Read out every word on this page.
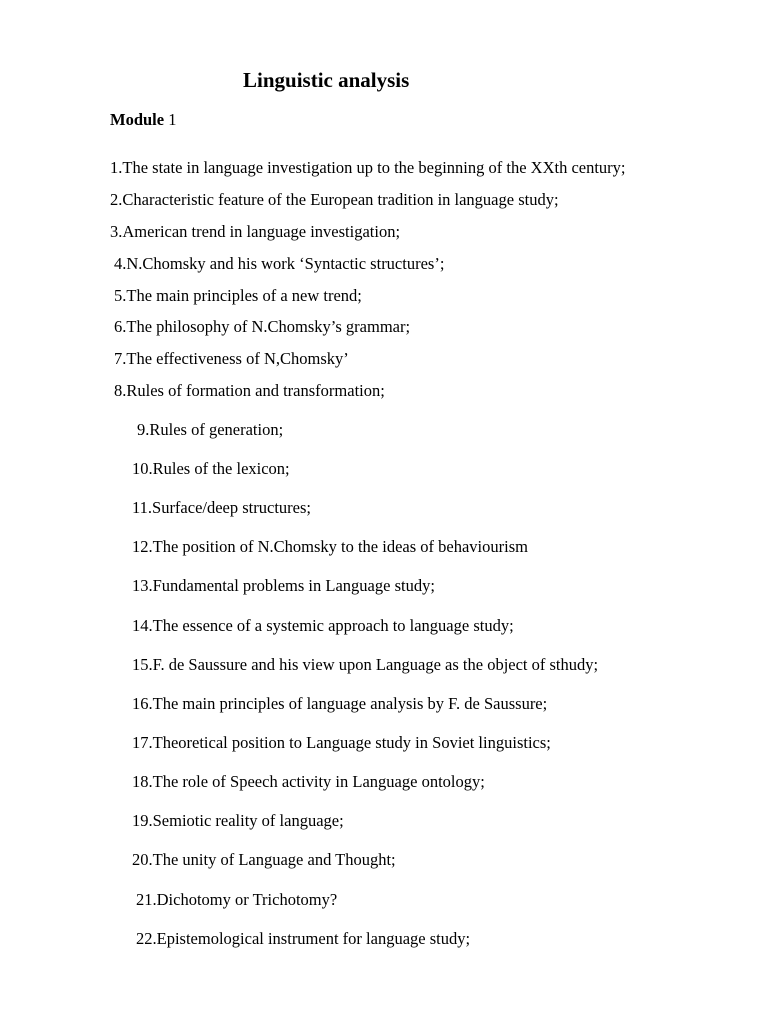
Linguistic analysis
Module 1
1.The state in language investigation up to the beginning of the XXth century;
2.Characteristic feature of the European tradition in language study;
3.American trend in language investigation;
4.N.Chomsky and his work ‘Syntactic structures’;
5.The main principles of a new trend;
6.The philosophy of N.Chomsky’s grammar;
7.The effectiveness of N,Chomsky’
8.Rules of formation and transformation;
9.Rules of generation;
10.Rules of the lexicon;
11.Surface/deep structures;
12.The position of N.Chomsky to the ideas of behaviourism
13.Fundamental problems in Language study;
14.The essence of a systemic approach to language study;
15.F. de Saussure and his view upon Language as the object of sthudy;
16.The main principles of language analysis by F. de Saussure;
17.Theoretical position to Language study in Soviet linguistics;
18.The role of Speech activity in Language ontology;
19.Semiotic reality of language;
20.The unity of Language and Thought;
21.Dichotomy or Trichotomy?
22.Epistemological instrument for language study;
